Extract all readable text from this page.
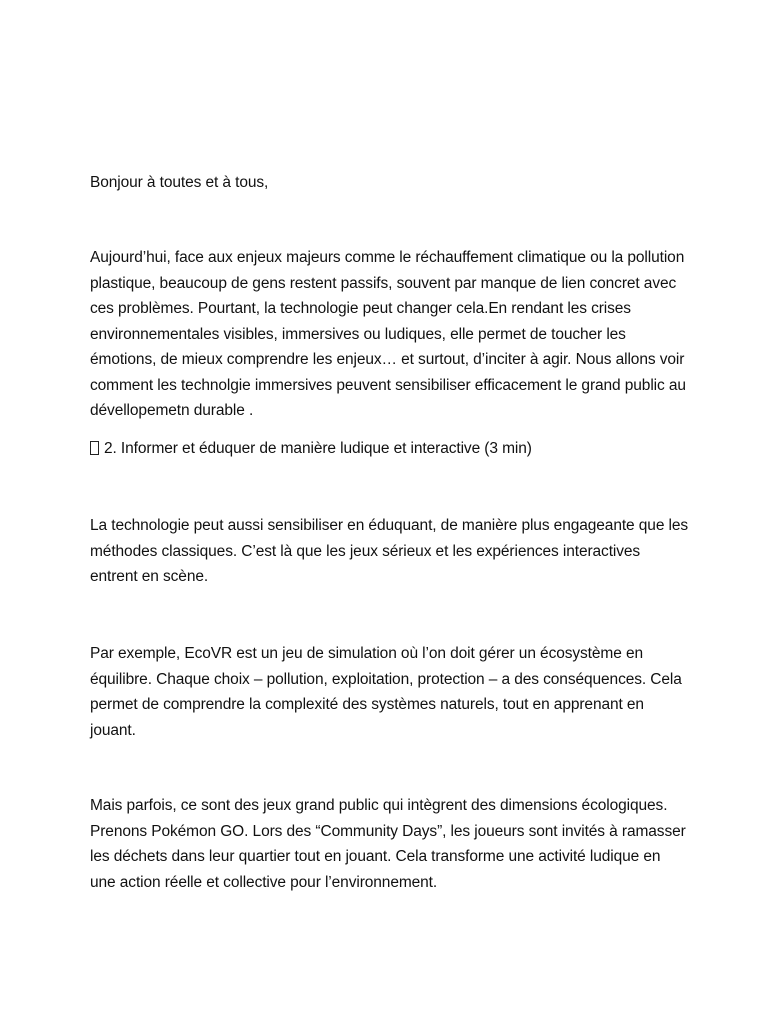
Bonjour à toutes et à tous,
Aujourd’hui, face aux enjeux majeurs comme le réchauffement climatique ou la pollution plastique, beaucoup de gens restent passifs, souvent par manque de lien concret avec ces problèmes. Pourtant, la technologie peut changer cela.En rendant les crises environnementales visibles, immersives ou ludiques, elle permet de toucher les émotions, de mieux comprendre les enjeux… et surtout, d’inciter à agir. Nous allons voir comment les technolgie immersives peuvent sensibiliser efficacement le grand public au dévellopemetn durable .
2. Informer et éduquer de manière ludique et interactive (3 min)
La technologie peut aussi sensibiliser en éduquant, de manière plus engageante que les méthodes classiques. C’est là que les jeux sérieux et les expériences interactives entrent en scène.
Par exemple, EcoVR est un jeu de simulation où l’on doit gérer un écosystème en équilibre. Chaque choix – pollution, exploitation, protection – a des conséquences. Cela permet de comprendre la complexité des systèmes naturels, tout en apprenant en jouant.
Mais parfois, ce sont des jeux grand public qui intègrent des dimensions écologiques. Prenons Pokémon GO. Lors des “Community Days”, les joueurs sont invités à ramasser les déchets dans leur quartier tout en jouant. Cela transforme une activité ludique en une action réelle et collective pour l’environnement.
